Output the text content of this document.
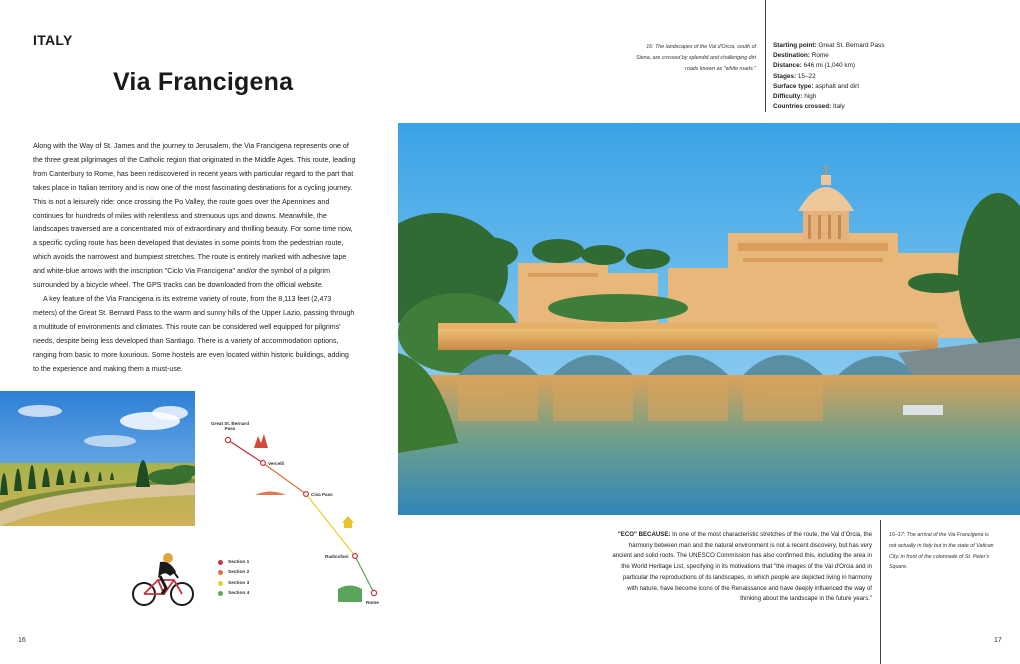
ITALY
Via Francigena

Along with the Way of St. James and the journey to Jerusalem, the Via Francigena represents one of the three great pilgrimages of the Catholic region that originated in the Middle Ages. This route, leading from Canterbury to Rome, has been rediscovered in recent years with particular regard to the part that takes place in Italian territory and is now one of the most fascinating destinations for a cycling journey. This is not a leisurely ride: once crossing the Po Valley, the route goes over the Apennines and continues for hundreds of miles with relentless and strenuous ups and downs. Meanwhile, the landscapes traversed are a concentrated mix of extraordinary and thrilling beauty. For some time now, a specific cycling route has been developed that deviates in some points from the pedestrian route, which avoids the narrowest and bumpiest stretches. The route is entirely marked with adhesive tape and white-blue arrows with the inscription "Ciclo Via Francigena" and/or the symbol of a pilgrim surrounded by a bicycle wheel. The GPS tracks can be downloaded from the official website.

A key feature of the Via Francigena is its extreme variety of route, from the 8,113 feet (2,473 meters) of the Great St. Bernard Pass to the warm and sunny hills of the Upper Lazio, passing through a multitude of environments and climates. This route can be considered well equipped for pilgrims' needs, despite being less developed than Santiago. There is a variety of accommodation options, ranging from basic to more luxurious. Some hostels are even located within historic buildings, adding to the experience and making them a must-use.

16: The landscapes of the Val d'Orcia, south of Siena, are crossed by splendid and challenging dirt roads known as "white roads."
Starting point: Great St. Bernard Pass
Destination: Rome
Distance: 646 mi (1,040 km)
Stages: 15–22
Surface type: asphalt and dirt
Difficulty: high
Countries crossed: Italy
Great St. Bernard Pass
Vercelli
Cisa Pass
Radicofani
Rome
Section 1
Section 2
Section 3
Section 4
"ECO" BECAUSE: In one of the most characteristic stretches of the route, the Val d'Orcia, the harmony between man and the natural environment is not a recent discovery, but has very ancient and solid roots. The UNESCO Commission has also confirmed this, including the area in the World Heritage List, specifying in its motivations that "the images of the Val d'Orcia and in particular the reproductions of its landscapes, in which people are depicted living in harmony with nature, have become icons of the Renaissance and have deeply influenced the way of thinking about the landscape in the future years."
16–17: The arrival of the Via Francigena is not actually in Italy but in the state of Vatican City, in front of the colonnade of St. Peter's Square.
16	17
